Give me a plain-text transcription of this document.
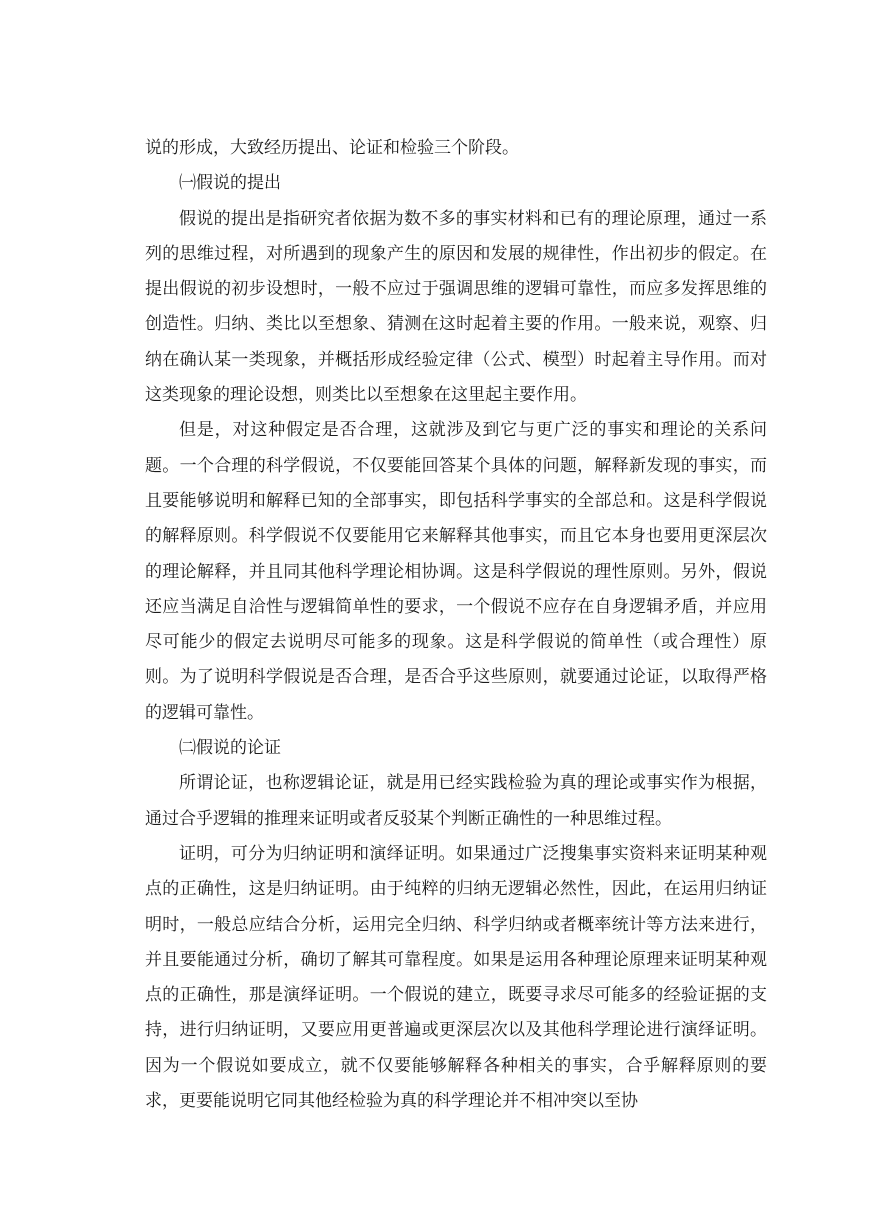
说的形成，大致经历提出、论证和检验三个阶段。

㈠假说的提出

假说的提出是指研究者依据为数不多的事实材料和已有的理论原理，通过一系列的思维过程，对所遇到的现象产生的原因和发展的规律性，作出初步的假定。在提出假说的初步设想时，一般不应过于强调思维的逻辑可靠性，而应多发挥思维的创造性。归纳、类比以至想象、猜测在这时起着主要的作用。一般来说，观察、归纳在确认某一类现象，并概括形成经验定律（公式、模型）时起着主导作用。而对这类现象的理论设想，则类比以至想象在这里起主要作用。

但是，对这种假定是否合理，这就涉及到它与更广泛的事实和理论的关系问题。一个合理的科学假说，不仅要能回答某个具体的问题，解释新发现的事实，而且要能够说明和解释已知的全部事实，即包括科学事实的全部总和。这是科学假说的解释原则。科学假说不仅要能用它来解释其他事实，而且它本身也要用更深层次的理论解释，并且同其他科学理论相协调。这是科学假说的理性原则。另外，假说还应当满足自洽性与逻辑简单性的要求，一个假说不应存在自身逻辑矛盾，并应用尽可能少的假定去说明尽可能多的现象。这是科学假说的简单性（或合理性）原则。为了说明科学假说是否合理，是否合乎这些原则，就要通过论证，以取得严格的逻辑可靠性。

㈡假说的论证

所谓论证，也称逻辑论证，就是用已经实践检验为真的理论或事实作为根据，通过合乎逻辑的推理来证明或者反驳某个判断正确性的一种思维过程。

证明，可分为归纳证明和演绎证明。如果通过广泛搜集事实资料来证明某种观点的正确性，这是归纳证明。由于纯粹的归纳无逻辑必然性，因此，在运用归纳证明时，一般总应结合分析，运用完全归纳、科学归纳或者概率统计等方法来进行，并且要能通过分析，确切了解其可靠程度。如果是运用各种理论原理来证明某种观点的正确性，那是演绎证明。一个假说的建立，既要寻求尽可能多的经验证据的支持，进行归纳证明，又要应用更普遍或更深层次以及其他科学理论进行演绎证明。因为一个假说如要成立，就不仅要能够解释各种相关的事实，合乎解释原则的要求，更要能说明它同其他经检验为真的科学理论并不相冲突以至协
